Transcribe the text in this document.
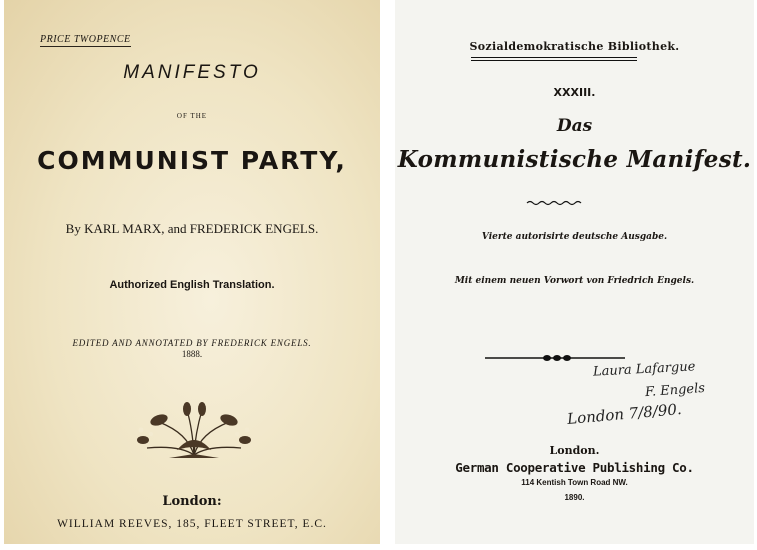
PRICE TWOPENCE
MANIFESTO
OF THE
COMMUNIST PARTY,
By KARL MARX, and FREDERICK ENGELS.
Authorized English Translation.
EDITED AND ANNOTATED BY FREDERICK ENGELS.
1888.
London:
WILLIAM REEVES, 185, FLEET STREET, E.C.
Sozialdemokratische Bibliothek.
XXXIII.
Das
Kommunistische Manifest.
Vierte autorisirte deutsche Ausgabe.
Mit einem neuen Vorwort von Friedrich Engels.
Laura Lafargue
F. Engels
London 7/8/90.
London.
German Cooperative Publishing Co.
114 Kentish Town Road NW.
1890.
